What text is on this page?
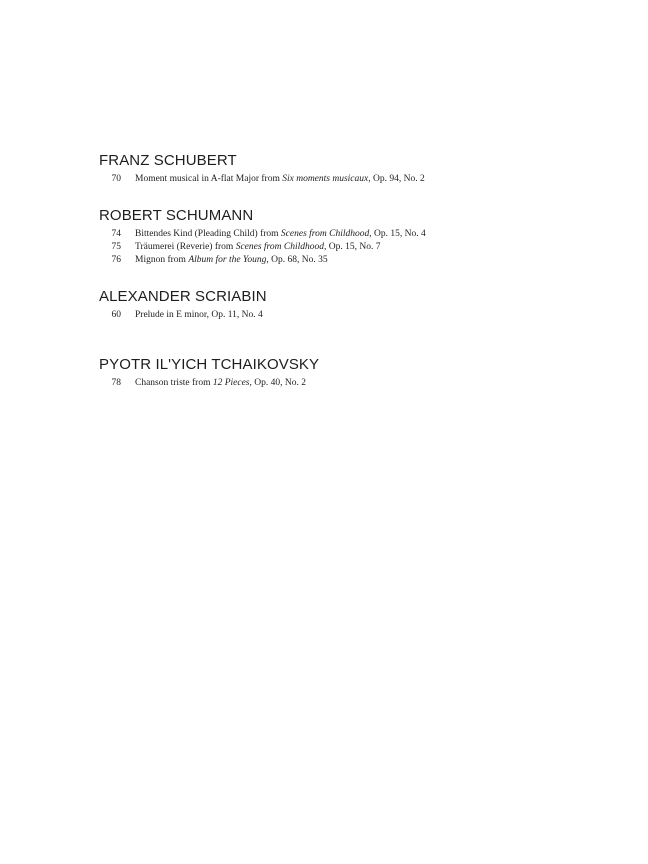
FRANZ SCHUBERT
70 Moment musical in A-flat Major from Six moments musicaux, Op. 94, No. 2
ROBERT SCHUMANN
74 Bittendes Kind (Pleading Child) from Scenes from Childhood, Op. 15, No. 4
75 Träumerei (Reverie) from Scenes from Childhood, Op. 15, No. 7
76 Mignon from Album for the Young, Op. 68, No. 35
ALEXANDER SCRIABIN
60 Prelude in E minor, Op. 11, No. 4
PYOTR IL'YICH TCHAIKOVSKY
78 Chanson triste from 12 Pieces, Op. 40, No. 2
